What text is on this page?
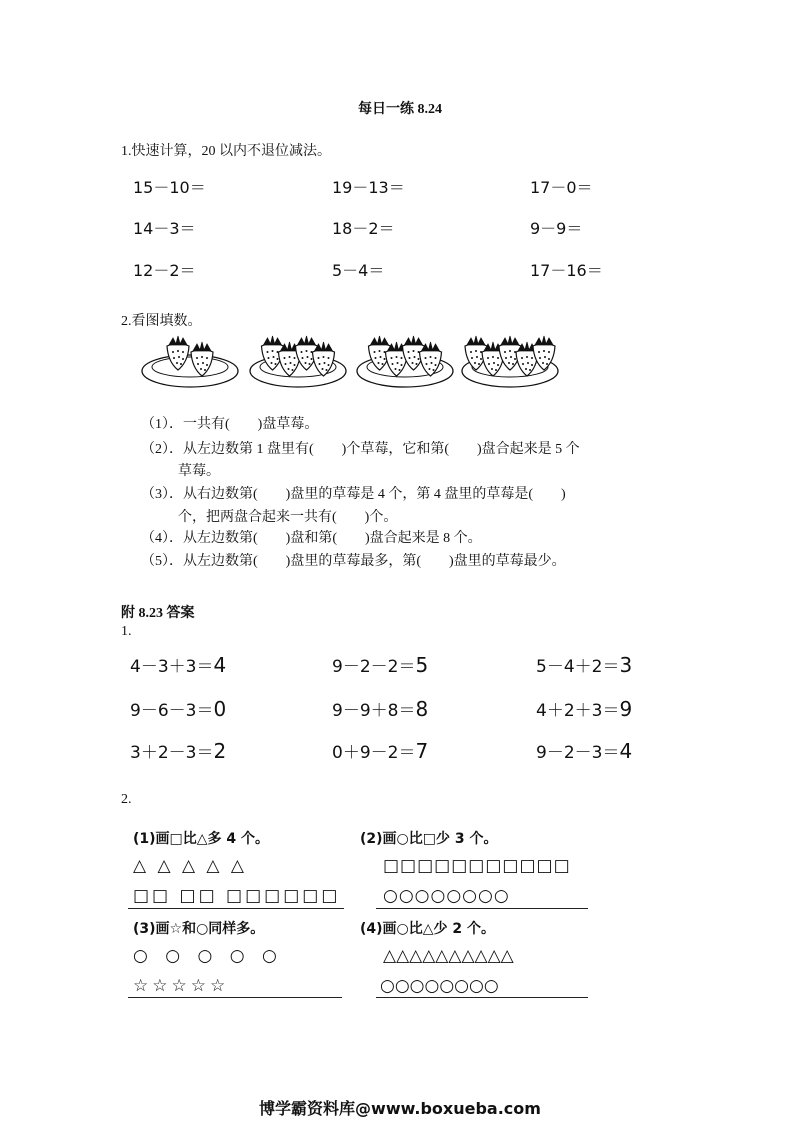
每日一练 8.24
1.快速计算，20 以内不退位减法。
15－10＝	19－13＝	17－0＝
14－3＝	18－2＝	9－9＝
12－2＝	5－4＝	17－16＝
2.看图填数。
（1）．一共有(　　)盘草莓。
（2）．从左边数第 1 盘里有(　　)个草莓，它和第(　　)盘合起来是 5 个
草莓。
（3）．从右边数第(　　)盘里的草莓是 4 个，第 4 盘里的草莓是(　　)
个，把两盘合起来一共有(　　)个。
（4）．从左边数第(　　)盘和第(　　)盘合起来是 8 个。
（5）．从左边数第(　　)盘里的草莓最多，第(　　)盘里的草莓最少。
附 8.23 答案
1.
4－3＋3＝4	9－2－2＝5	5－4＋2＝3
9－6－3＝0	9－9＋8＝8	4＋2＋3＝9
3＋2－3＝2	0＋9－2＝7	9－2－3＝4
2.
(1)画□比△多 4 个。
△ △ △ △ △
□□ □□ □□□□□□
(2)画○比□少 3 个。
□□□□□□□□□□□
○○○○○○○○
(3)画☆和○同样多。
○ ○ ○ ○ ○
☆☆☆☆☆
(4)画○比△少 2 个。
△△△△△△△△△△
○○○○○○○○
博学霸资料库@www.boxueba.com
